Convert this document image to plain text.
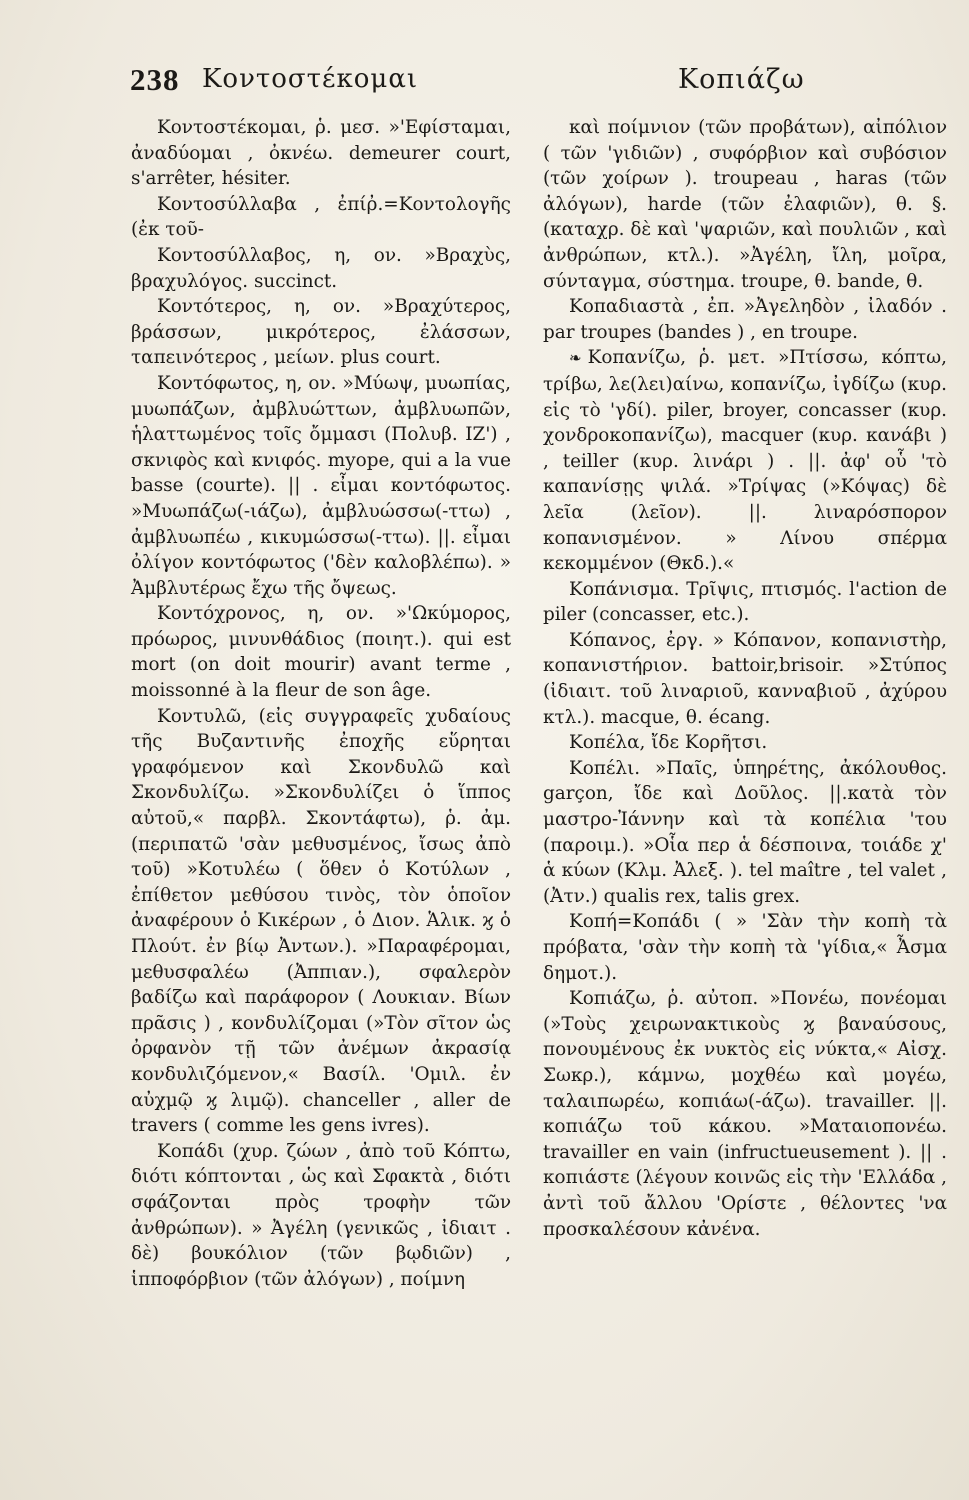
238 Κοντοστέκομαι	Κοπιάζω

Κοντοστέκομαι, ῥ. μεσ. »'Εφίσταμαι, ἀναδύομαι , ὀκνέω. demeurer court, s'arrêter, hésiter.

Κοντοσύλλαβα , ἐπίῤ.=Κοντολογῆς (ἐκ τοῦ-

Κοντοσύλλαβος, η, ον. »Βραχὺς, βραχυλόγος. succinct.

Κοντότερος, η, ον. »Βραχύτερος, βράσσων, μικρότερος, ἐλάσσων, ταπεινότερος , μείων. plus court.

Κοντόφωτος, η, ον. »Μύωψ, μυωπίας, μυωπάζων, ἀμβλυώττων, ἀμβλυωπῶν, ἡλαττωμένος τοῖς ὄμμασι (Πολυβ. ΙΖ') , σκνιφὸς καὶ κνιφός. myope, qui a la vue basse (courte). || . εἶμαι κοντόφωτος. »Μυωπάζω(-ιάζω), ἀμβλυώσσω(-ττω) , ἀμβλυωπέω , κικυμώσσω(-ττω). ||. εἶμαι ὀλίγον κοντόφωτος ('δὲν καλοβλέπω). » Ἀμβλυτέρως ἔχω τῆς ὄψεως.

Κοντόχρονος, η, ον. »'Ωκύμορος, πρόωρος, μινυνθάδιος (ποιητ.). qui est mort (on doit mourir) avant terme , moissonné à la fleur de son âge.

Κοντυλῶ, (εἰς συγγραφεῖς χυδαίους τῆς Βυζαντινῆς ἐποχῆς εὕρηται γραφόμενον καὶ Σκονδυλῶ καὶ Σκονδυλίζω. »Σκονδυλίζει ὁ ἵππος αὐτοῦ,« παρβλ. Σκοντάφτω), ῥ. ἀμ. (περιπατῶ 'σὰν μεθυσμένος, ἴσως ἀπὸ τοῦ) »Κοτυλέω ( ὅθεν ὁ Κοτύλων , ἐπίθετον μεθύσου τινὸς, τὸν ὁποῖον ἀναφέρουν ὁ Κικέρων , ὁ Διον. Ἁλικ. ϗ ὁ Πλούτ. ἐν βίῳ Ἀντων.). »Παραφέρομαι, μεθυσφαλέω (Ἀππιαν.), σφαλερὸν βαδίζω καὶ παράφορον ( Λουκιαν. Βίων πρᾶσις ) , κονδυλίζομαι (»Τὸν σῖτον ὡς ὀρφανὸν τῇ τῶν ἀνέμων ἀκρασίᾳ κονδυλιζόμενον,« Βασίλ. 'Ομιλ. ἐν αὐχμῷ ϗ λιμῷ). chanceller , aller de travers ( comme les gens ivres).

Κοπάδι (χυρ. ζώων , ἀπὸ τοῦ Κόπτω, διότι κόπτονται , ὡς καὶ Σφακτὰ , διότι σφάζονται πρὸς τροφὴν τῶν ἀνθρώπων). » Ἀγέλη (γενικῶς , ἰδιαιτ . δὲ) βουκόλιον (τῶν βῳδιῶν) , ἱπποφόρβιον (τῶν ἀλόγων) , ποίμνη

καὶ ποίμνιον (τῶν προβάτων), αἰπόλιον ( τῶν 'γιδιῶν) , συφόρβιον καὶ συβόσιον (τῶν χοίρων ). troupeau , haras (τῶν ἀλόγων), harde (τῶν ἐλαφιῶν), θ. §. (καταχρ. δὲ καὶ 'ψαριῶν, καὶ πουλιῶν , καὶ ἀνθρώπων, κτλ.). »Ἀγέλη, ἴλη, μοῖρα, σύνταγμα, σύστημα. troupe, θ. bande, θ.

Κοπαδιαστὰ , ἐπ. »Ἀγεληδὸν , ἰλαδόν . par troupes (bandes ) , en troupe.

❧ Κοπανίζω, ῥ. μετ. »Πτίσσω, κόπτω, τρίβω, λε(λει)αίνω, κοπανίζω, ἰγδίζω (κυρ. εἰς τὸ 'γδί). piler, broyer, concasser (κυρ. χονδροκοπανίζω), macquer (κυρ. κανάβι ) , teiller (κυρ. λινάρι ) . ||. ἀφ' οὗ 'τὸ καπανίσῃς ψιλά. »Τρίψας (»Κόψας) δὲ λεῖα (λεῖον). ||. λιναρόσπορον κοπανισμένον. » Λίνου σπέρμα κεκομμένον (Θκδ.).«

Κοπάνισμα. Τρῖψις, πτισμός. l'action de piler (concasser, etc.).

Κόπανος, ἐργ. » Κόπανον, κοπανιστὴρ, κοπανιστήριον. battoir,brisoir. »Στύπος (ἰδιαιτ. τοῦ λιναριοῦ, κανναβιοῦ , ἀχύρου κτλ.). macque, θ. écang.

Κοπέλα, ἴδε Κορῆτσι.

Κοπέλι. »Παῖς, ὑπηρέτης, ἀκόλουθος. garçon, ἴδε καὶ Δοῦλος. ||.κατὰ τὸν μαστρο-Ἰάννην καὶ τὰ κοπέλια 'του (παροιμ.). »Οἷα περ ἁ δέσποινα, τοιάδε χ' ἁ κύων (Κλμ. Ἀλεξ. ). tel maître , tel valet , (Ἀτν.) qualis rex, talis grex.

Κοπή=Κοπάδι ( » 'Σὰν τὴν κοπὴ τὰ πρόβατα, 'σὰν τὴν κοπὴ τὰ 'γίδια,« Ἆσμα δημοτ.).

Κοπιάζω, ῥ. αὐτοπ. »Πονέω, πονέομαι (»Τοὺς χειρωνακτικοὺς ϗ βαναύσους, πονουμένους ἐκ νυκτὸς εἰς νύκτα,« Αἰσχ. Σωκρ.), κάμνω, μοχθέω καὶ μογέω, ταλαιπωρέω, κοπιάω(-άζω). travailler. ||. κοπιάζω τοῦ κάκου. »Ματαιοπονέω. travailler en vain (infructueusement ). || . κοπιάστε (λέγουν κοινῶς εἰς τὴν 'Ελλάδα , ἀντὶ τοῦ ἄλλου 'Ορίστε , θέλοντες 'να προσκαλέσουν κἀνένα.
